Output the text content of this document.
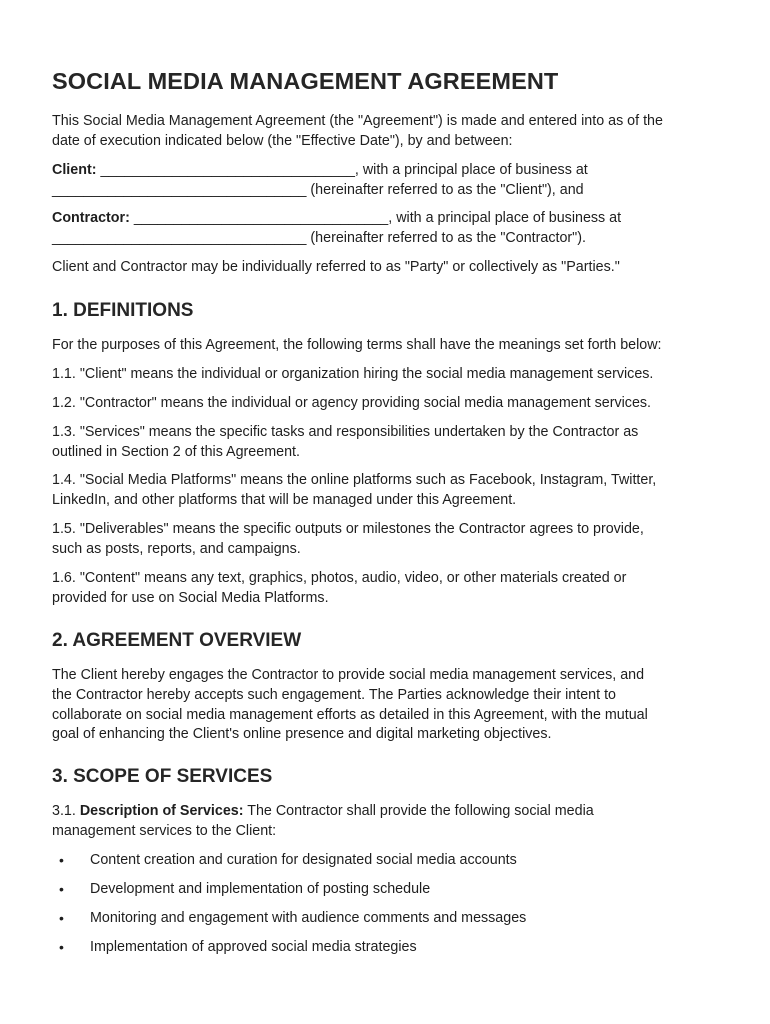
SOCIAL MEDIA MANAGEMENT AGREEMENT

This Social Media Management Agreement (the "Agreement") is made and entered into as of the
date of execution indicated below (the "Effective Date"), by and between:

Client: ________________________________, with a principal place of business at
________________________________ (hereinafter referred to as the "Client"), and

Contractor: ________________________________, with a principal place of business at
________________________________ (hereinafter referred to as the "Contractor").

Client and Contractor may be individually referred to as "Party" or collectively as "Parties."

1. DEFINITIONS

For the purposes of this Agreement, the following terms shall have the meanings set forth below:

1.1. "Client" means the individual or organization hiring the social media management services.

1.2. "Contractor" means the individual or agency providing social media management services.

1.3. "Services" means the specific tasks and responsibilities undertaken by the Contractor as
outlined in Section 2 of this Agreement.

1.4. "Social Media Platforms" means the online platforms such as Facebook, Instagram, Twitter,
LinkedIn, and other platforms that will be managed under this Agreement.

1.5. "Deliverables" means the specific outputs or milestones the Contractor agrees to provide,
such as posts, reports, and campaigns.

1.6. "Content" means any text, graphics, photos, audio, video, or other materials created or
provided for use on Social Media Platforms.

2. AGREEMENT OVERVIEW

The Client hereby engages the Contractor to provide social media management services, and
the Contractor hereby accepts such engagement. The Parties acknowledge their intent to
collaborate on social media management efforts as detailed in this Agreement, with the mutual
goal of enhancing the Client's online presence and digital marketing objectives.

3. SCOPE OF SERVICES

3.1. Description of Services: The Contractor shall provide the following social media
management services to the Client:

• Content creation and curation for designated social media accounts
• Development and implementation of posting schedule
• Monitoring and engagement with audience comments and messages
• Implementation of approved social media strategies
